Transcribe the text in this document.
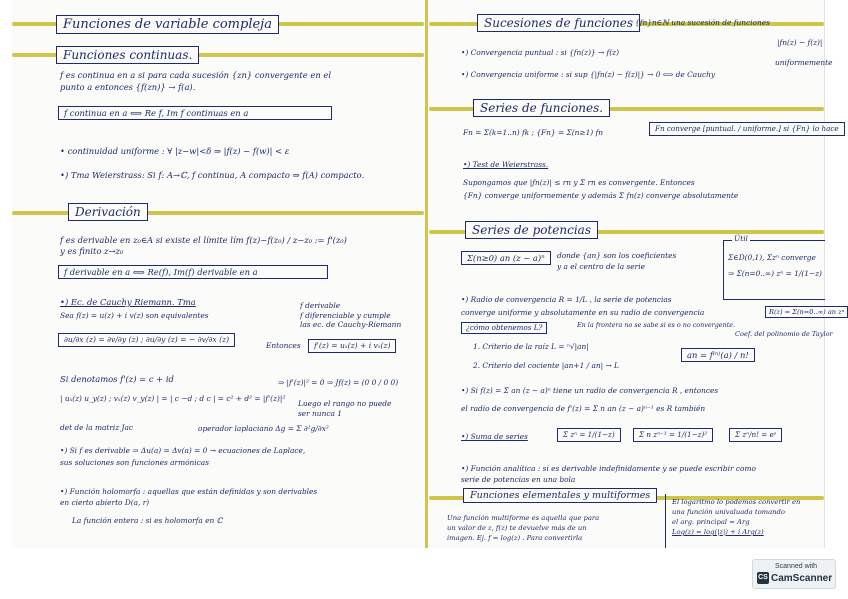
Funciones de variable compleja
Funciones continuas.
f es continua en a si para cada sucesión {zn} convergente en el
punto a entonces {f(zn)} → f(a).
f continua en a ⟺ Re f, Im f continuas en a
• continuidad uniforme : ∀ |z−w|<δ ⇒ |f(z) − f(w)| < ε
•) Tma Weierstrass: Si f: A→ℂ, f continua, A compacto ⇒ f(A) compacto.
Derivación
f es derivable en z₀∈A si existe el límite lím f(z)−f(z₀) / z−z₀ := f'(z₀)
y es finito z→z₀
f derivable en a ⟺ Re(f), Im(f) derivable en a
•) Ec. de Cauchy Riemann. Tma
Sea f(z) = u(z) + i v(z) son equivalentes
f derivable
f diferenciable y cumple
las ec. de Cauchy-Riemann
∂u/∂x (z) = ∂v/∂y (z) ; ∂u/∂y (z) = − ∂v/∂x (z)
Entonces	f'(z) = uₓ(z) + i vₓ(z)
Si denotamos f'(z) = c + id	⇒ |f'(z)|² = 0 ⇒ Jf(z) = (0 0 / 0 0)
| uₓ(z) u_y(z) ; vₓ(z) v_y(z) | = | c −d ; d c | = c² + d² = |f'(z)|²
Luego el rango no puede
ser nunca 1
det de la matriz Jac	operador laplaciano Δg = Σ ∂²g/∂x²
•) Si f es derivable ⇒ Δu(a) = Δv(a) = 0 → ecuaciones de Laplace,
sus soluciones son funciones armónicas
•) Función holomorfa : aquellas que están definidas y son derivables
en cierto abierto D(a, r)
La función entera : si es holomorfa en ℂ
Sucesiones de funciones {fn}n∈ℕ una sucesión de funciones
|fn(z) − f(z)|
•) Convergencia puntual : si {fn(z)} → f(z)
uniformemente
•) Convergencia uniforme : si sup {|fn(z) − f(z)|} → 0 ⟺ de Cauchy
Series de funciones.
Fn = Σ(k=1..n) fk ; {Fn} = Σ(n≥1) fn	Fn converge [puntual. / uniforme.] si {Fn} lo hace
•) Test de Weierstrass.
Supongamos que |fn(z)| ≤ rn y Σ rn es convergente. Entonces
{Fn} converge uniformemente y además Σ fn(z) converge absolutamente
Series de potencias
Σ(n≥0) an (z − a)ⁿ	donde {an} son los coeficientes
y a el centro de la serie
Útil
Σ∈D(0,1), Σzⁿ converge
⇒ Σ(n=0..∞) zⁿ = 1/(1−z)
•) Radio de convergencia R = 1/L , la serie de potencias
converge uniforme y absolutamente en su radio de convergencia
¿cómo obtenemos L?	En la frontera no se sabe si es o no convergente.
R(z) = Σ(n=0..∞) an zⁿ
Coef. del polinomio de Taylor
1. Criterio de la raíz L = ⁿ√|an|
2. Criterio del cociente |an+1 / an| → L
an = f⁽ⁿ⁾(a) / n!
•) Si f(z) = Σ an (z − a)ⁿ tiene un radio de convergencia R , entonces
el radio de convergencia de f'(z) = Σ n an (z − a)ⁿ⁻¹ es R también
•) Suma de series	Σ zⁿ = 1/(1−z)	Σ n zⁿ⁻¹ = 1/(1−z)²	Σ zⁿ/n! = eᶻ
•) Función analítica : si es derivable indefinidamente y se puede escribir como
serie de potencias en una bola
Funciones elementales y multiformes
Una función multiforme es aquella que para
un valor de z, f(z) te devuelve más de un
imagen. Ej. f = log(z) . Para convertirla
El logaritmo lo podemos convertir en
una función univaluada tomando
el arg. principal = Arg
Log(z) = log(|z|) + i Arg(z)
CS
Scanned with
CamScanner
